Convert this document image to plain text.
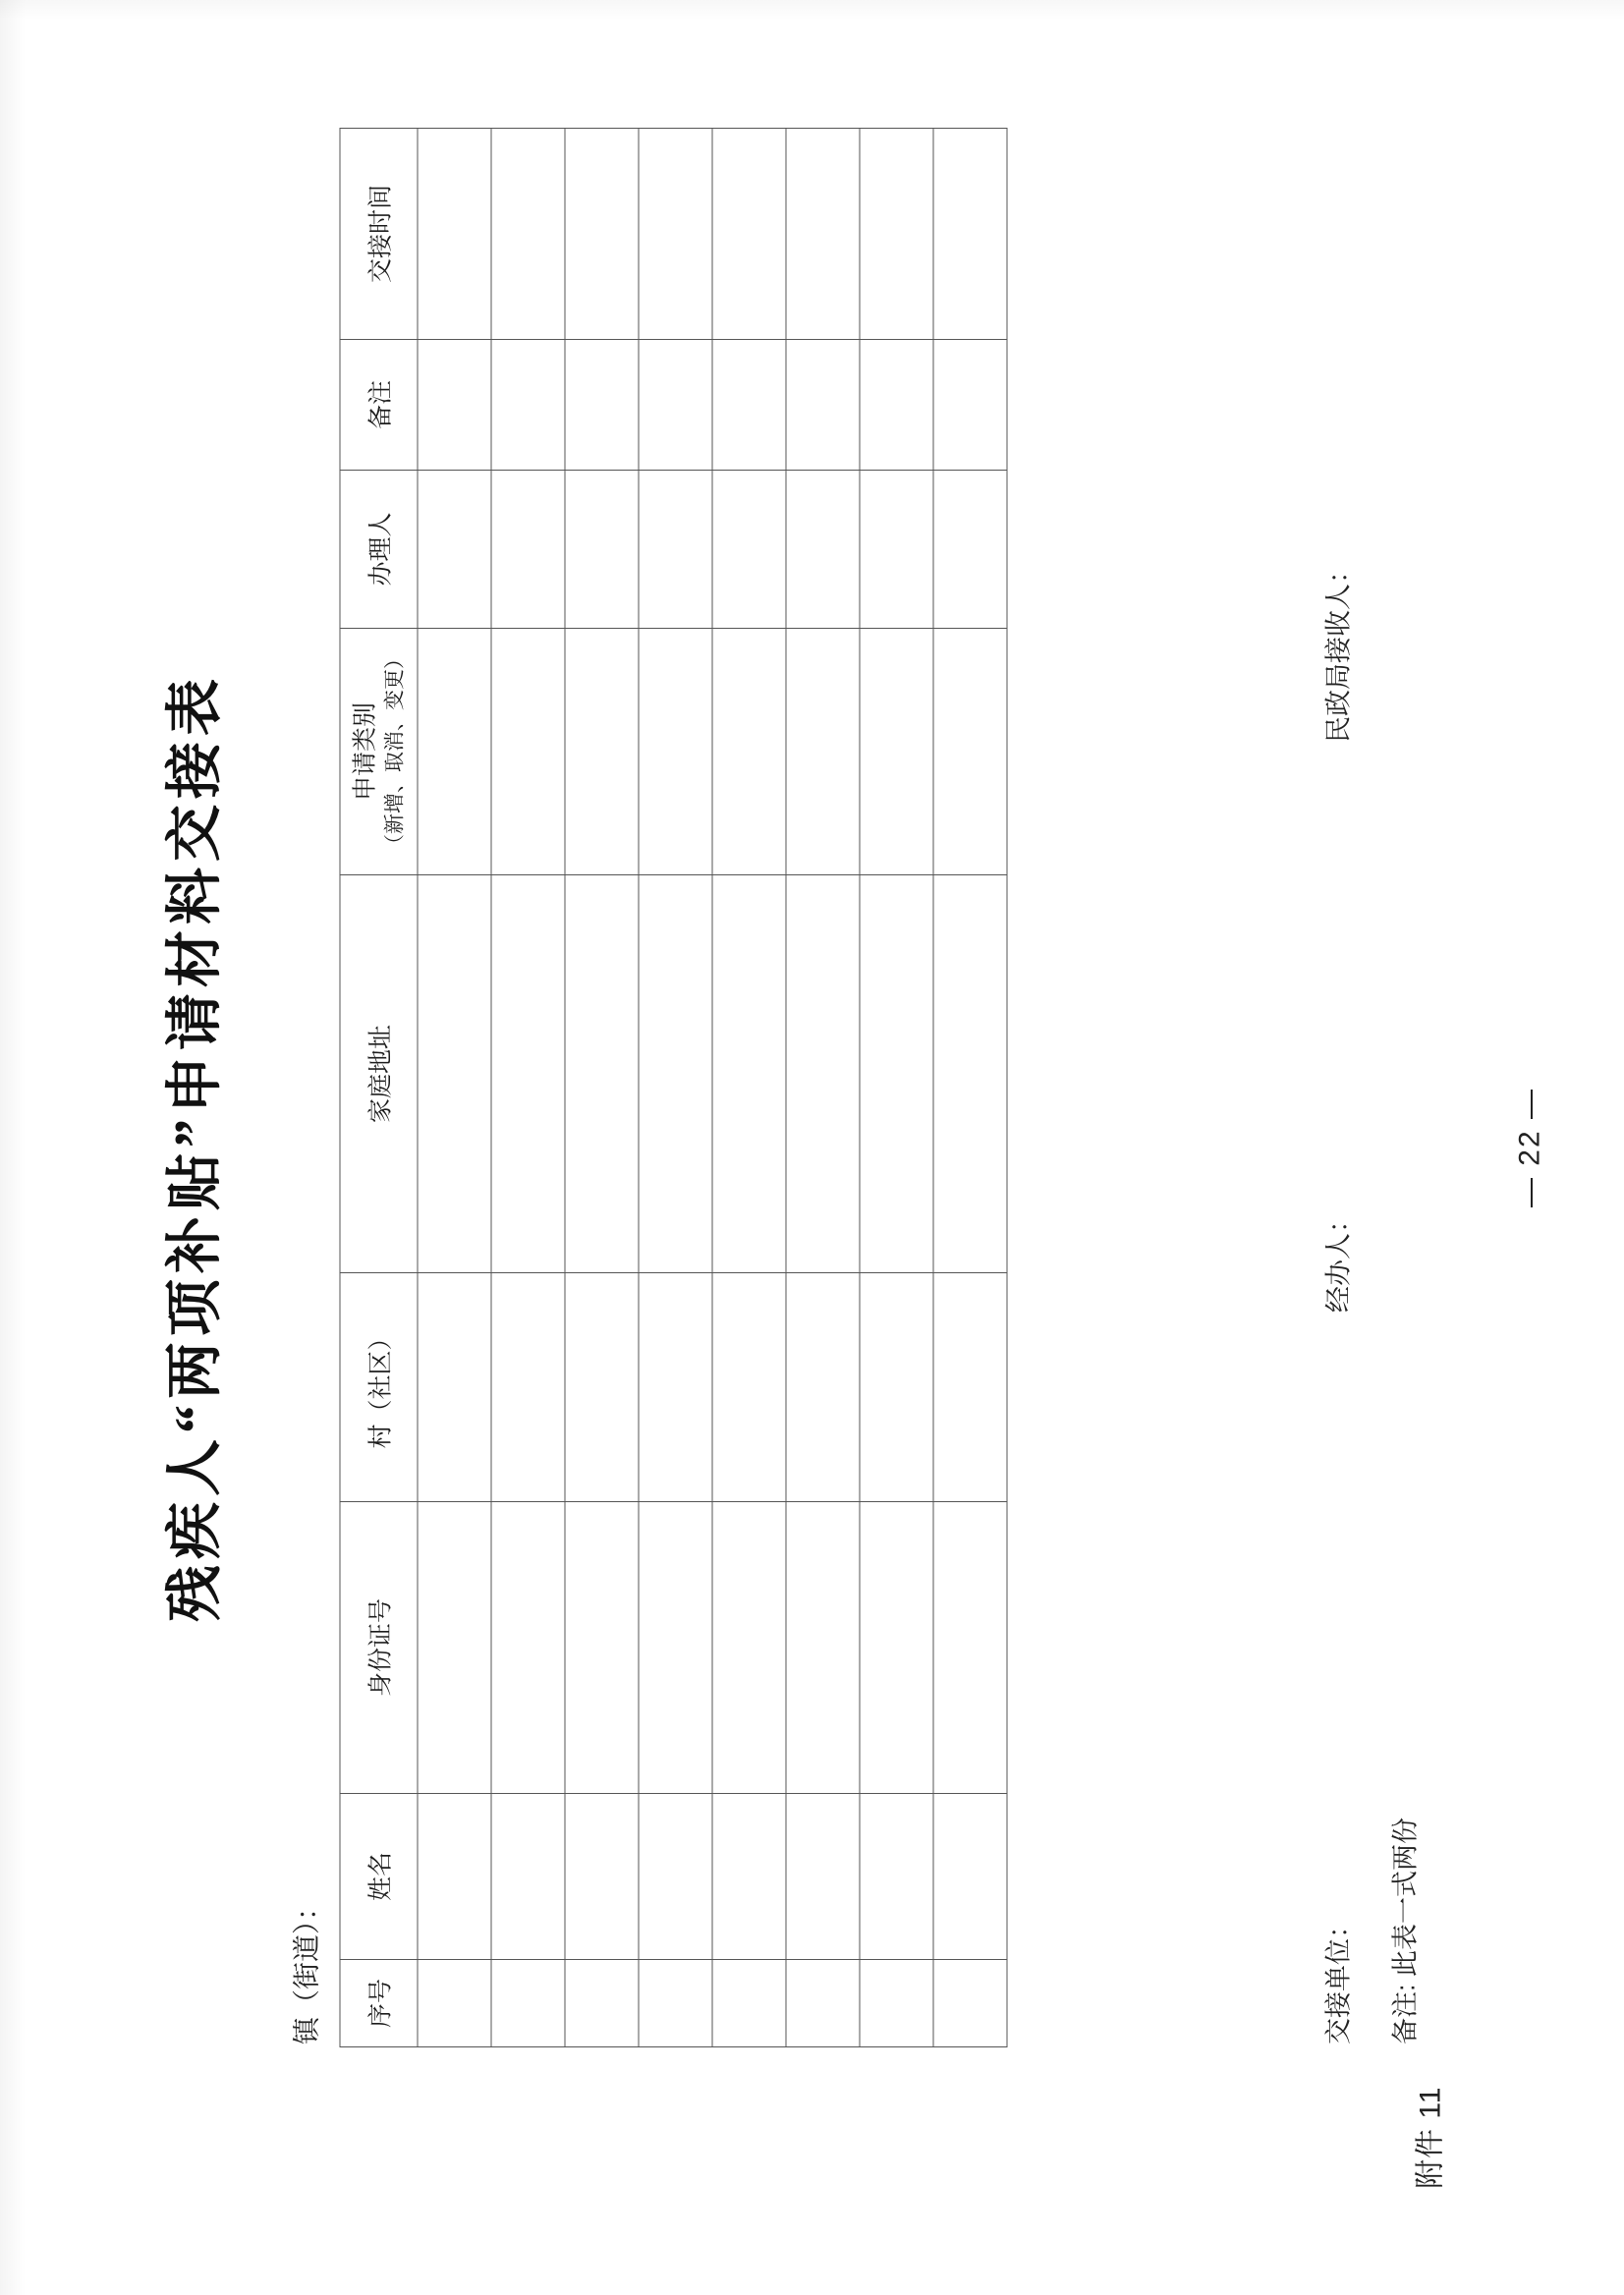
附件 11
残疾人“两项补贴”申请材料交接表
镇（街道）： 序号	姓名	身份证号	村（社区）	家庭地址	申请类别 （新增、取消、变更）	办理人	备注	交接时间

交接单位：
经办人：
民政局接收人：
备注: 此表一式两份
— 22 —
